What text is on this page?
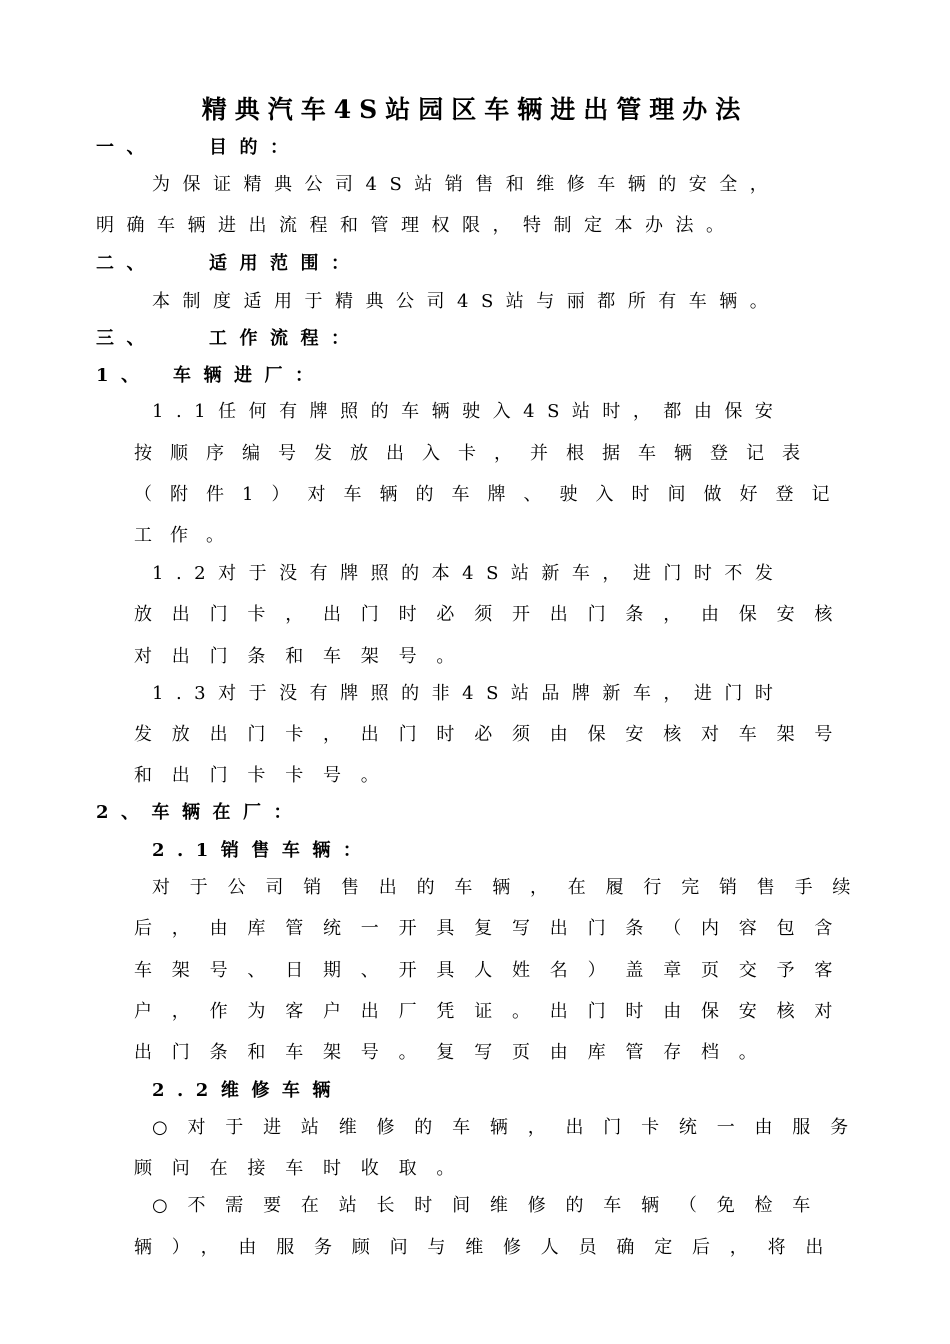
精典汽车4S站园区车辆进出管理办法
一、　　目的：
为保证精典公司4S站销售和维修车辆的安全，
明确车辆进出流程和管理权限，特制定本办法。
二、　　适用范围：
本制度适用于精典公司4S站与丽都所有车辆。
三、　　工作流程：
1、　车辆进厂：
1.1任何有牌照的车辆驶入4S站时，都由保安
按顺序编号发放出入卡，并根据车辆登记表
（附件1）对车辆的车牌、驶入时间做好登记
工作。
1.2对于没有牌照的本4S站新车，进门时不发
放出门卡，出门时必须开出门条，由保安核
对出门条和车架号。
1.3对于没有牌照的非4S站品牌新车，进门时
发放出门卡，出门时必须由保安核对车架号
和出门卡卡号。
2、车辆在厂：
2.1销售车辆：
对于公司销售出的车辆，在履行完销售手续
后，由库管统一开具复写出门条（内容包含
车架号、日期、开具人姓名）盖章页交予客
户，作为客户出厂凭证。出门时由保安核对
出门条和车架号。复写页由库管存档。
2.2维修车辆
○对于进站维修的车辆，出门卡统一由服务
顾问在接车时收取。
○不需要在站长时间维修的车辆（免检车
辆），由服务顾问与维修人员确定后，将出
